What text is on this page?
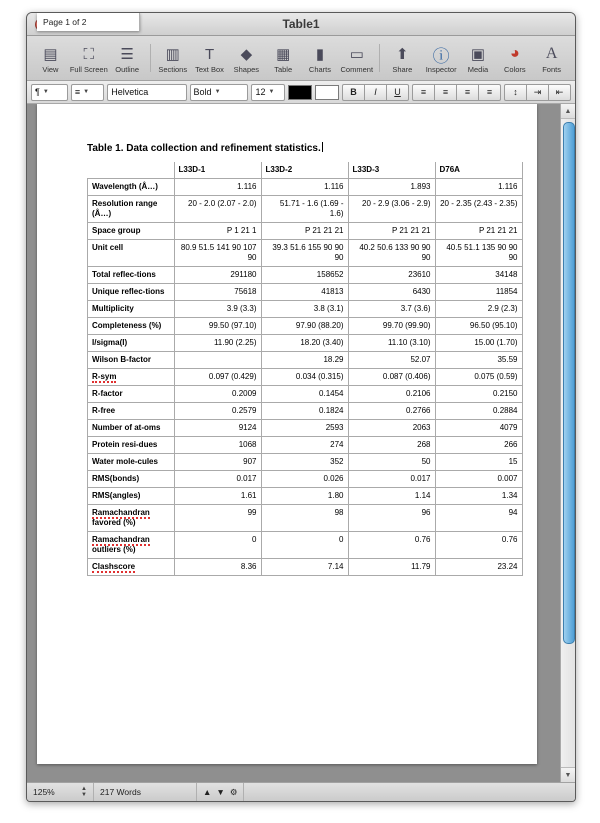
Table1
▤
View
⛶
Full Screen
☰
Outline
▥
Sections
T
Text Box
◆
Shapes
▦
Table
▮
Charts
▭
Comment
⬆
Share
ⓘ
Inspector
▣
Media
◕
Colors
A
Fonts
¶ ▼	≡ ▼ Helvetica	Bold ▼	12 ▼	B	I	U	≡	≡	≡	≡	↕	⇥	⇤
Table 1. Data collection and refinement statistics.
	L33D-1	L33D-2	L33D-3	D76A
Wavelength (Å…)	1.116	1.116	1.893	1.116
Resolution range (Å…)	20 - 2.0 (2.07 - 2.0)	51.71 - 1.6 (1.69 - 1.6)	20 - 2.9 (3.06 - 2.9)	20 - 2.35 (2.43 - 2.35)
Space group	P 1 21 1	P 21 21 21	P 21 21 21	P 21 21 21
Unit cell	80.9 51.5 141 90 107 90	39.3 51.6 155 90 90 90	40.2 50.6 133 90 90 90	40.5 51.1 135 90 90 90
Total reflec-tions	291180	158652	23610	34148
Unique reflec-tions	75618	41813	6430	11854
Multiplicity	3.9 (3.3)	3.8 (3.1)	3.7 (3.6)	2.9 (2.3)
Completeness (%)	99.50 (97.10)	97.90 (88.20)	99.70 (99.90)	96.50 (95.10)
I/sigma(I)	11.90 (2.25)	18.20 (3.40)	11.10 (3.10)	15.00 (1.70)
Wilson B-factor		18.29	52.07	35.59
R-sym	0.097 (0.429)	0.034 (0.315)	0.087 (0.406)	0.075 (0.59)
R-factor	0.2009	0.1454	0.2106	0.2150
R-free	0.2579	0.1824	0.2766	0.2884
Number of at-oms	9124	2593	2063	4079
Protein resi-dues	1068	274	268	266
Water mole-cules	907	352	50	15
RMS(bonds)	0.017	0.026	0.017	0.007
RMS(angles)	1.61	1.80	1.14	1.34
Ramachandran favored (%)	99	98	96	94
Ramachandran outliers (%)	0	0	0.76	0.76
Clashscore	8.36	7.14	11.79	23.24
▲
▼
125%	▲
▼ 217 Words
Page 1 of 2
▲ ▼ ⚙
